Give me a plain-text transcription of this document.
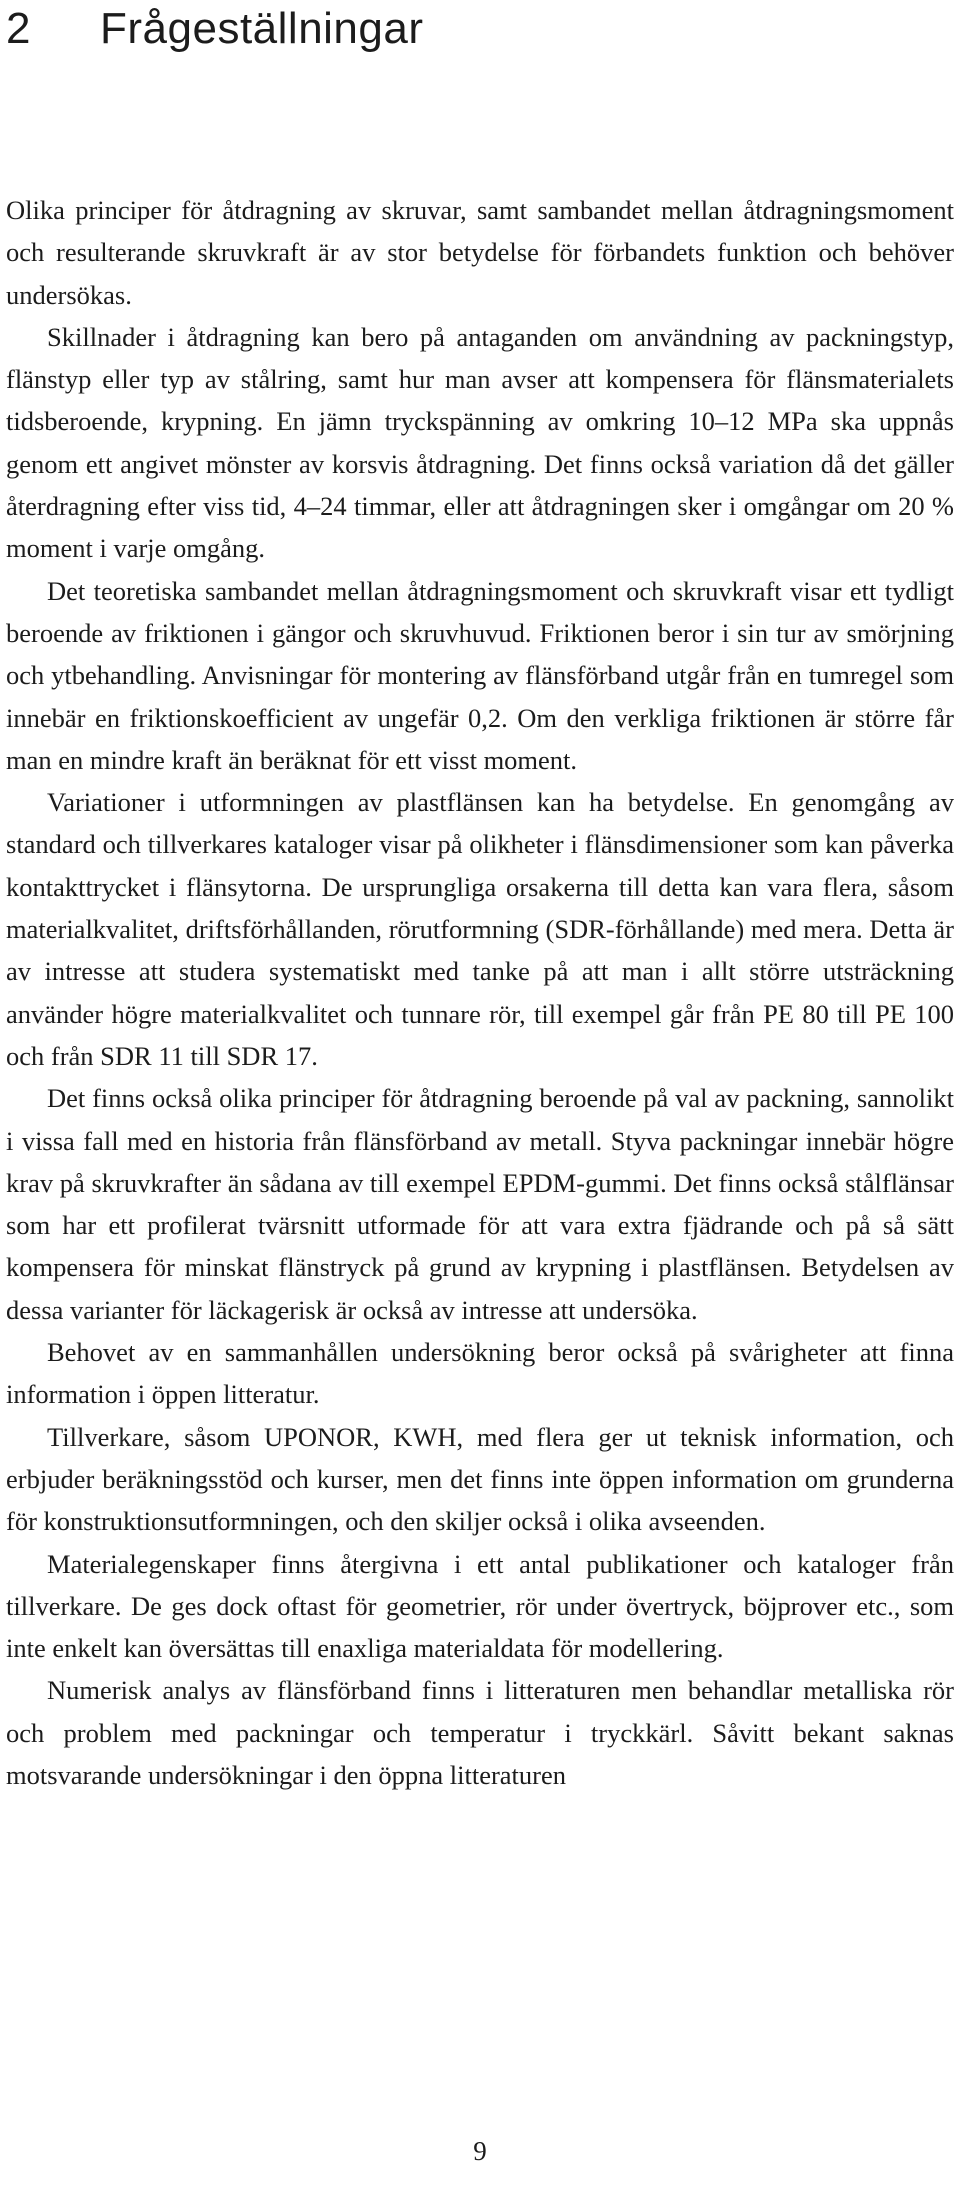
2 Frågeställningar

Olika principer för åtdragning av skruvar, samt sambandet mellan åtdragningsmoment och resulterande skruvkraft är av stor betydelse för förbandets funktion och behöver undersökas.

Skillnader i åtdragning kan bero på antaganden om användning av packningstyp, flänstyp eller typ av stålring, samt hur man avser att kompensera för flänsmaterialets tidsberoende, krypning. En jämn tryckspänning av omkring 10–12 MPa ska uppnås genom ett angivet mönster av korsvis åtdragning. Det finns också variation då det gäller återdragning efter viss tid, 4–24 timmar, eller att åtdragningen sker i omgångar om 20 % moment i varje omgång.

Det teoretiska sambandet mellan åtdragningsmoment och skruvkraft visar ett tydligt beroende av friktionen i gängor och skruvhuvud. Friktionen beror i sin tur av smörjning och ytbehandling. Anvisningar för montering av flänsförband utgår från en tumregel som innebär en friktionskoefficient av ungefär 0,2. Om den verkliga friktionen är större får man en mindre kraft än beräknat för ett visst moment.

Variationer i utformningen av plastflänsen kan ha betydelse. En genomgång av standard och tillverkares kataloger visar på olikheter i flänsdimensioner som kan påverka kontakttrycket i flänsytorna. De ursprungliga orsakerna till detta kan vara flera, såsom materialkvalitet, driftsförhållanden, rörutformning (SDR-förhållande) med mera. Detta är av intresse att studera systematiskt med tanke på att man i allt större utsträckning använder högre materialkvalitet och tunnare rör, till exempel går från PE 80 till PE 100 och från SDR 11 till SDR 17.

Det finns också olika principer för åtdragning beroende på val av packning, sannolikt i vissa fall med en historia från flänsförband av metall. Styva packningar innebär högre krav på skruvkrafter än sådana av till exempel EPDM-gummi. Det finns också stålflänsar som har ett profilerat tvärsnitt utformade för att vara extra fjädrande och på så sätt kompensera för minskat flänstryck på grund av krypning i plastflänsen. Betydelsen av dessa varianter för läckagerisk är också av intresse att undersöka.

Behovet av en sammanhållen undersökning beror också på svårigheter att finna information i öppen litteratur.

Tillverkare, såsom UPONOR, KWH, med flera ger ut teknisk information, och erbjuder beräkningsstöd och kurser, men det finns inte öppen information om grunderna för konstruktionsutformningen, och den skiljer också i olika avseenden.

Materialegenskaper finns återgivna i ett antal publikationer och kataloger från tillverkare. De ges dock oftast för geometrier, rör under övertryck, böjprover etc., som inte enkelt kan översättas till enaxliga materialdata för modellering.

Numerisk analys av flänsförband finns i litteraturen men behandlar metalliska rör och problem med packningar och temperatur i tryckkärl. Såvitt bekant saknas motsvarande undersökningar i den öppna litteraturen

9
